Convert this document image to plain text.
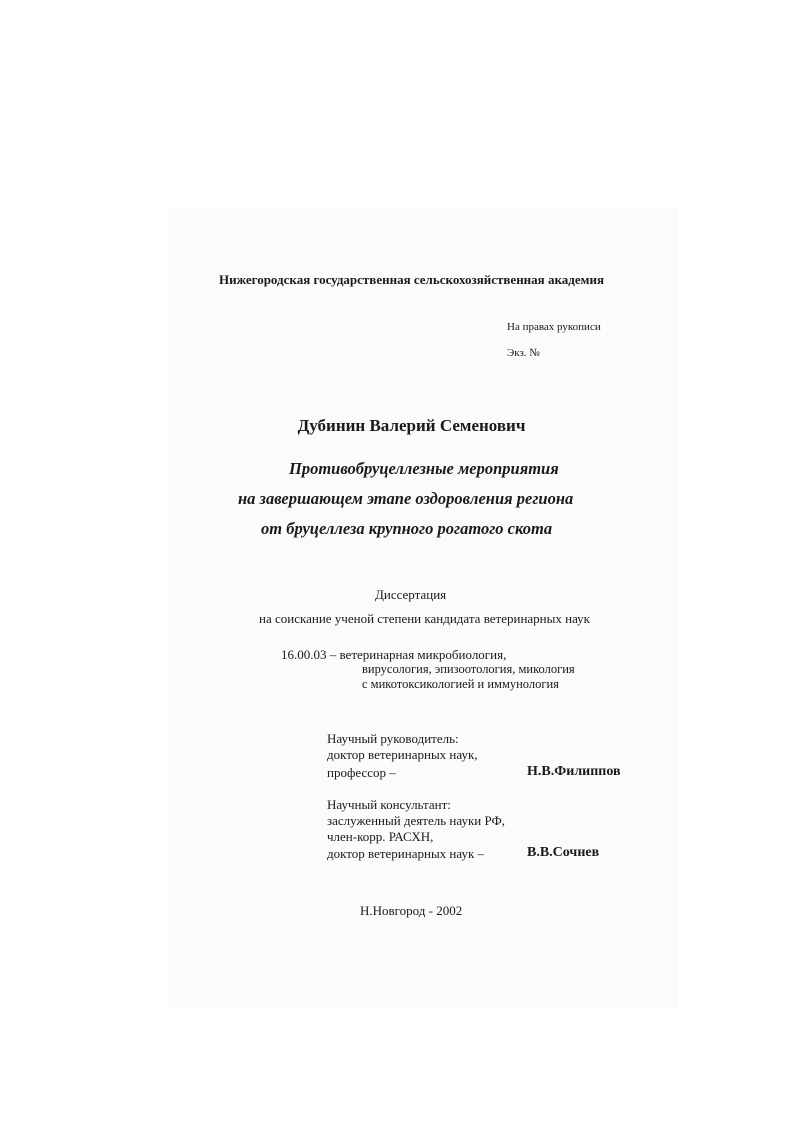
Нижегородская государственная сельскохозяйственная академия
На правах рукописи
Экз. №
Дубинин Валерий Семенович
Противобруцеллезные мероприятия
на завершающем этапе оздоровления региона
от бруцеллеза крупного рогатого скота
Диссертация
на соискание ученой степени кандидата ветеринарных наук
16.00.03 – ветеринарная микробиология,
вирусология, эпизоотология, микология
с микотоксикологией и иммунология
Научный руководитель:
доктор ветеринарных наук,
профессор –	Н.В.Филиппов
Научный консультант:
заслуженный деятель науки РФ,
член-корр. РАСХН,
доктор ветеринарных наук –	В.В.Сочнев
Н.Новгород - 2002
